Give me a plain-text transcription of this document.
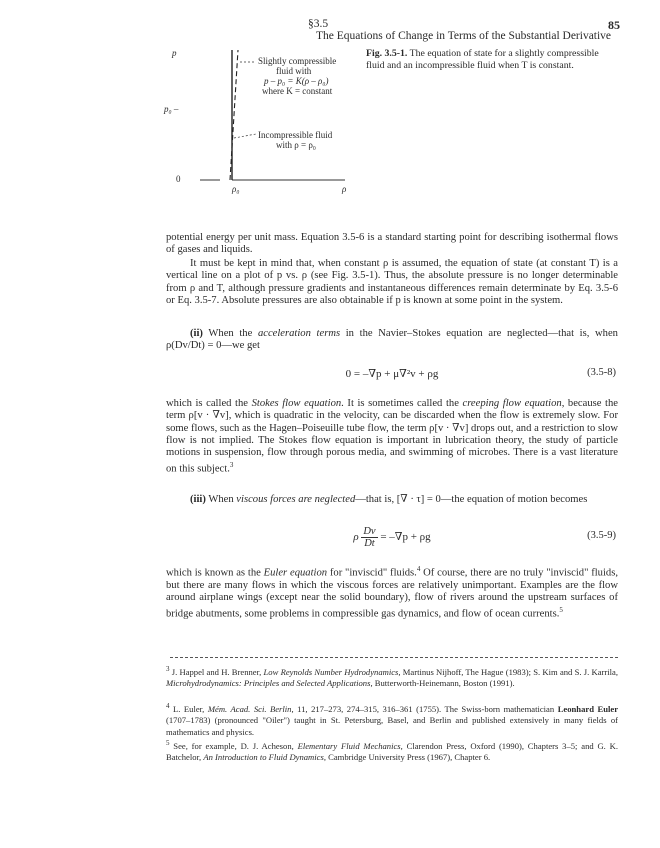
§3.5 The Equations of Change in Terms of the Substantial Derivative
85
p
p₀ –
0
ρ₀	ρ
Slightly compressible
fluid with
p – p₀ = K(ρ – ρ₀)
where K = constant
Incompressible fluid
with ρ = ρ₀
Fig. 3.5-1. The equation of state for a slightly compressible fluid and an incompressible fluid when T is constant.

potential energy per unit mass. Equation 3.5-6 is a standard starting point for describing isothermal flows of gases and liquids.

It must be kept in mind that, when constant ρ is assumed, the equation of state (at constant T) is a vertical line on a plot of p vs. ρ (see Fig. 3.5-1). Thus, the absolute pressure is no longer determinable from ρ and T, although pressure gradients and instantaneous differences remain determinate by Eq. 3.5-6 or Eq. 3.5-7. Absolute pressures are also obtainable if p is known at some point in the system.

(ii) When the acceleration terms in the Navier–Stokes equation are neglected—that is, when ρ(Dv/Dt) = 0—we get

0 = –∇p + μ∇²v + ρg	(3.5-8)

which is called the Stokes flow equation. It is sometimes called the creeping flow equation, because the term ρ[v · ∇v], which is quadratic in the velocity, can be discarded when the flow is extremely slow. For some flows, such as the Hagen–Poiseuille tube flow, the term ρ[v · ∇v] drops out, and a restriction to slow flow is not implied. The Stokes flow equation is important in lubrication theory, the study of particle motions in suspension, flow through porous media, and swimming of microbes. There is a vast literature on this subject.$^3$

(iii) When viscous forces are neglected—that is, [∇ · τ] = 0—the equation of motion becomes

ρ $\frac{Dv}{Dt} = -\nabla p + \rho g$	(3.5-9)

which is known as the Euler equation for "inviscid" fluids.$^4$ Of course, there are no truly "inviscid" fluids, but there are many flows in which the viscous forces are relatively unimportant. Examples are the flow around airplane wings (except near the solid boundary), flow of rivers around the upstream surfaces of bridge abutments, some problems in compressible gas dynamics, and flow of ocean currents.$^5$

$^3$ J. Happel and H. Brenner, Low Reynolds Number Hydrodynamics, Martinus Nijhoff, The Hague (1983); S. Kim and S. J. Karrila, Microhydrodynamics: Principles and Selected Applications, Butterworth-Heinemann, Boston (1991).

$^4$ L. Euler, Mém. Acad. Sci. Berlin, 11, 217–273, 274–315, 316–361 (1755). The Swiss-born mathematician Leonhard Euler (1707–1783) (pronounced "Oiler") taught in St. Petersburg, Basel, and Berlin and published extensively in many fields of mathematics and physics.

$^5$ See, for example, D. J. Acheson, Elementary Fluid Mechanics, Clarendon Press, Oxford (1990), Chapters 3–5; and G. K. Batchelor, An Introduction to Fluid Dynamics, Cambridge University Press (1967), Chapter 6.
